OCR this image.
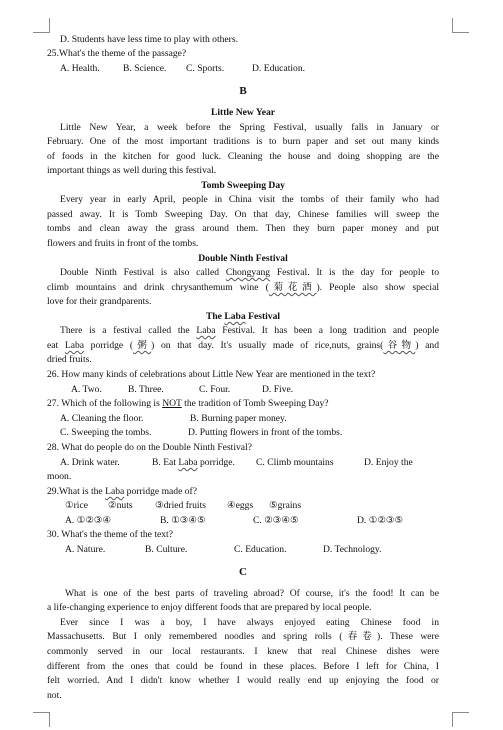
D. Students have less time to play with others.
25.What's the theme of the passage?
A. Health. B. Science. C. Sports.	D. Education.
B
Little New Year
Little New Year, a week before the Spring Festival, usually falls in January or
February. One of the most important traditions is to burn paper and set out many kinds
of foods in the kitchen for good luck. Cleaning the house and doing shopping are the
important things as well during this festival.
Tomb Sweeping Day
Every year in early April, people in China visit the tombs of their family who had
passed away. It is Tomb Sweeping Day. On that day, Chinese families will sweep the
tombs and clean away the grass around them. Then they burn paper money and put
flowers and fruits in front of the tombs.
Double Ninth Festival
Double Ninth Festival is also called Chongyang Festival. It is the day for people to
climb mountains and drink chrysanthemum wine (菊花酒). People also show special
love for their grandparents.
The Laba Festival
There is a festival called the Laba Festival. It has been a long tradition and people
eat Laba porridge (粥) on that day. It's usually made of rice,nuts, grains(谷物) and
dried fruits.
26. How many kinds of celebrations about Little New Year are mentioned in the text?
A. Two.	B. Three.	C. Four.	D. Five.
27. Which of the following is NOT the tradition of Tomb Sweeping Day?
A. Cleaning the floor.	B. Burning paper money.
C. Sweeping the tombs.	D. Putting flowers in front of the tombs.
28. What do people do on the Double Ninth Festival?
A. Drink water.	B. Eat Laba porridge. C. Climb mountains	D. Enjoy the
moon.
29.What is the Laba porridge made of?
①rice ②nuts ③dried fruits ④eggs ⑤grains
A. ①②③④	B. ①③④⑤	C. ②③④⑤	D. ①②③⑤
30. What's the theme of the text?
A. Nature.	B. Culture.	C. Education.	D. Technology.
C
What is one of the best parts of traveling abroad? Of course, it's the food! It can be
a life-changing experience to enjoy different foods that are prepared by local people.
Ever since I was a boy, I have always enjoyed eating Chinese food in
Massachusetts. But I only remembered noodles and spring rolls (春卷). These were
commonly served in our local restaurants. I knew that real Chinese dishes were
different from the ones that could be found in these places. Before I left for China, I
felt worried. And I didn't know whether I would really end up enjoying the food or
not.
